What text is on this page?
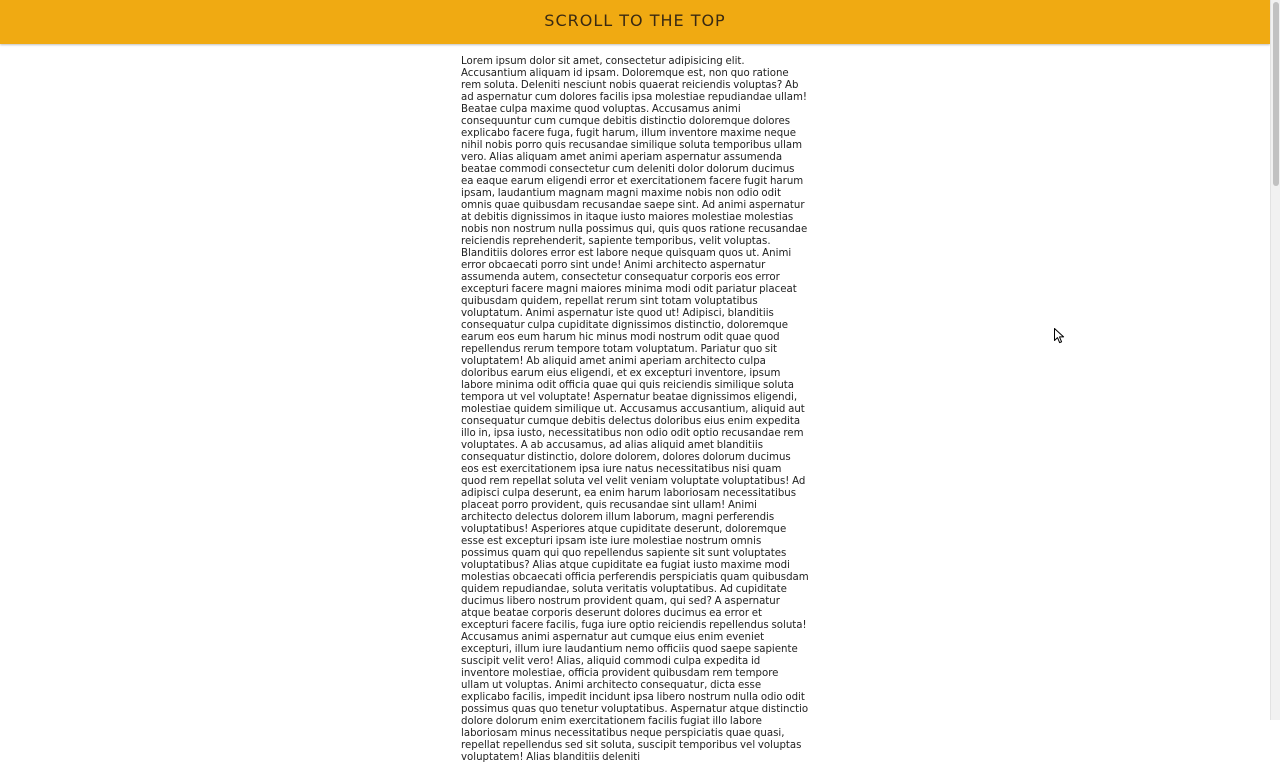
SCROLL TO THE TOP
Lorem ipsum dolor sit amet, consectetur adipisicing elit. Accusantium aliquam id ipsam. Doloremque est, non quo ratione rem soluta. Deleniti nesciunt nobis quaerat reiciendis voluptas? Ab ad aspernatur cum dolores facilis ipsa molestiae repudiandae ullam! Beatae culpa maxime quod voluptas. Accusamus animi consequuntur cum cumque debitis distinctio doloremque dolores explicabo facere fuga, fugit harum, illum inventore maxime neque nihil nobis porro quis recusandae similique soluta temporibus ullam vero. Alias aliquam amet animi aperiam aspernatur assumenda beatae commodi consectetur cum deleniti dolor dolorum ducimus ea eaque earum eligendi error et exercitationem facere fugit harum ipsam, laudantium magnam magni maxime nobis non odio odit omnis quae quibusdam recusandae saepe sint. Ad animi aspernatur at debitis dignissimos in itaque iusto maiores molestiae molestias nobis non nostrum nulla possimus qui, quis quos ratione recusandae reiciendis reprehenderit, sapiente temporibus, velit voluptas. Blanditiis dolores error est labore neque quisquam quos ut. Animi error obcaecati porro sint unde! Animi architecto aspernatur assumenda autem, consectetur consequatur corporis eos error excepturi facere magni maiores minima modi odit pariatur placeat quibusdam quidem, repellat rerum sint totam voluptatibus voluptatum. Animi aspernatur iste quod ut! Adipisci, blanditiis consequatur culpa cupiditate dignissimos distinctio, doloremque earum eos eum harum hic minus modi nostrum odit quae quod repellendus rerum tempore totam voluptatum. Pariatur quo sit voluptatem! Ab aliquid amet animi aperiam architecto culpa doloribus earum eius eligendi, et ex excepturi inventore, ipsum labore minima odit officia quae qui quis reiciendis similique soluta tempora ut vel voluptate! Aspernatur beatae dignissimos eligendi, molestiae quidem similique ut. Accusamus accusantium, aliquid aut consequatur cumque debitis delectus doloribus eius enim expedita illo in, ipsa iusto, necessitatibus non odio odit optio recusandae rem voluptates. A ab accusamus, ad alias aliquid amet blanditiis consequatur distinctio, dolore dolorem, dolores dolorum ducimus eos est exercitationem ipsa iure natus necessitatibus nisi quam quod rem repellat soluta vel velit veniam voluptate voluptatibus! Ad adipisci culpa deserunt, ea enim harum laboriosam necessitatibus placeat porro provident, quis recusandae sint ullam! Animi architecto delectus dolorem illum laborum, magni perferendis voluptatibus! Asperiores atque cupiditate deserunt, doloremque esse est excepturi ipsam iste iure molestiae nostrum omnis possimus quam qui quo repellendus sapiente sit sunt voluptates voluptatibus? Alias atque cupiditate ea fugiat iusto maxime modi molestias obcaecati officia perferendis perspiciatis quam quibusdam quidem repudiandae, soluta veritatis voluptatibus. Ad cupiditate ducimus libero nostrum provident quam, qui sed? A aspernatur atque beatae corporis deserunt dolores ducimus ea error et excepturi facere facilis, fuga iure optio reiciendis repellendus soluta! Accusamus animi aspernatur aut cumque eius enim eveniet excepturi, illum iure laudantium nemo officiis quod saepe sapiente suscipit velit vero! Alias, aliquid commodi culpa expedita id inventore molestiae, officia provident quibusdam rem tempore ullam ut voluptas. Animi architecto consequatur, dicta esse explicabo facilis, impedit incidunt ipsa libero nostrum nulla odio odit possimus quas quo tenetur voluptatibus. Aspernatur atque distinctio dolore dolorum enim exercitationem facilis fugiat illo labore laboriosam minus necessitatibus neque perspiciatis quae quasi, repellat repellendus sed sit soluta, suscipit temporibus vel voluptas voluptatem! Alias blanditiis deleniti
